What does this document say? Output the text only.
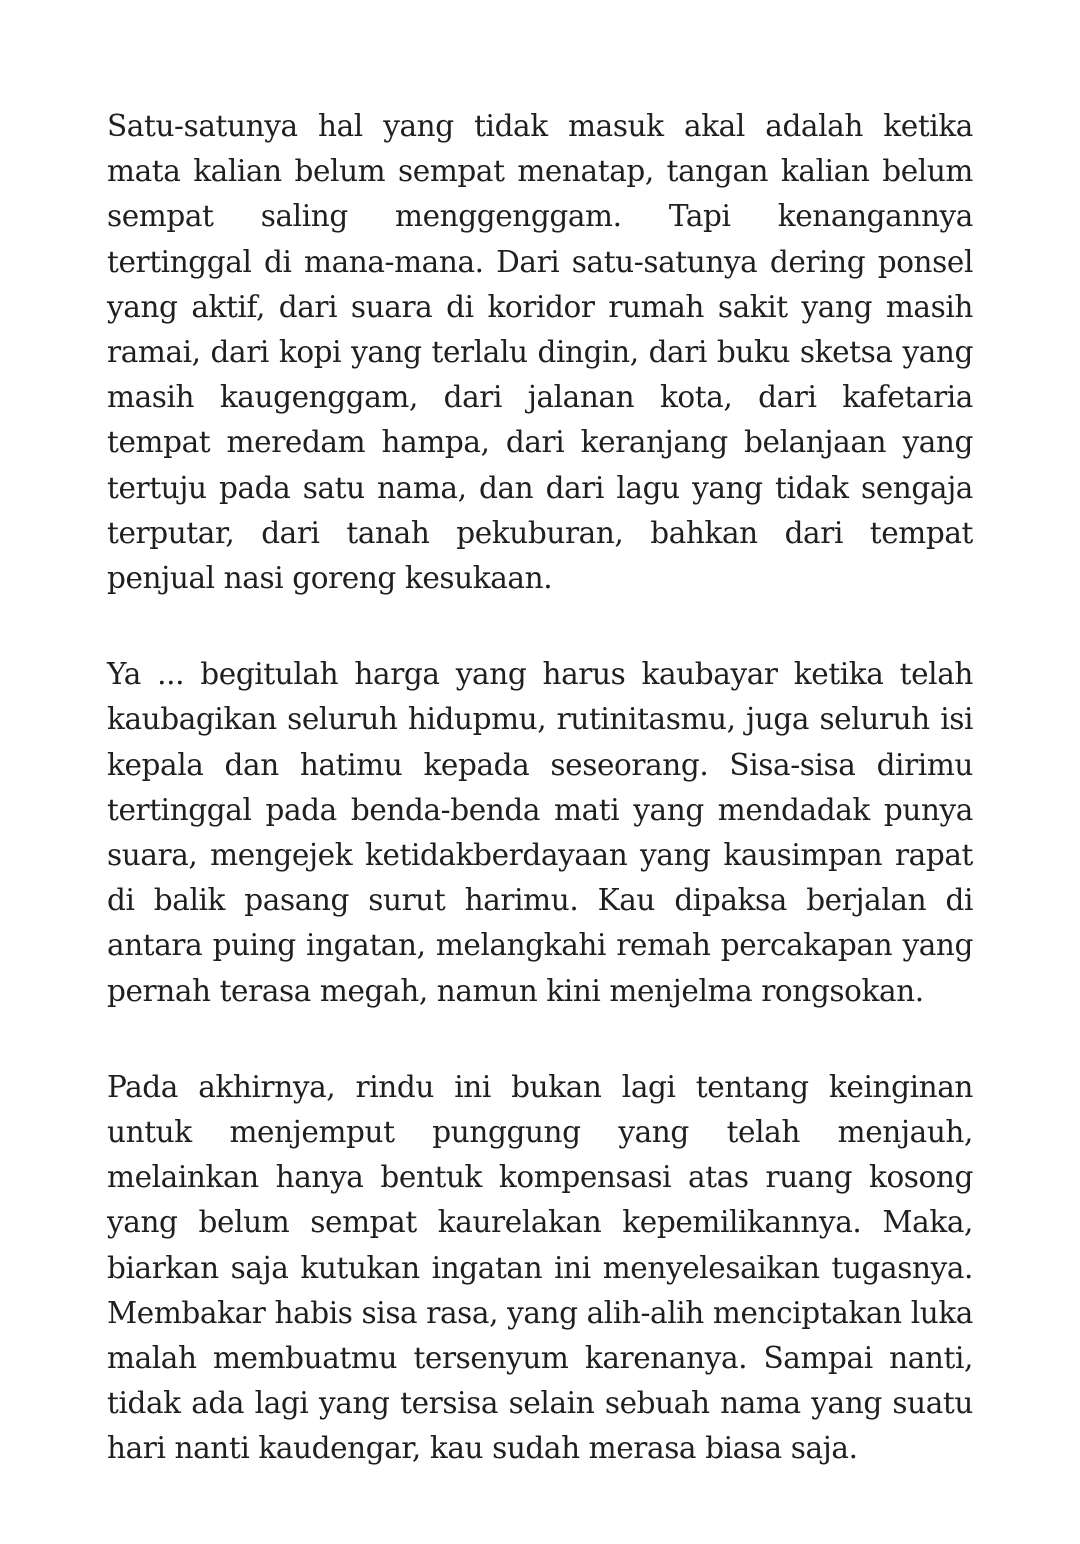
Satu-satunya hal yang tidak masuk akal adalah ketika mata kalian belum sempat menatap, tangan kalian belum sempat saling menggenggam. Tapi kenangannya tertinggal di mana-mana. Dari satu-satunya dering ponsel yang aktif, dari suara di koridor rumah sakit yang masih ramai, dari kopi yang terlalu dingin, dari buku sketsa yang masih kaugenggam, dari jalanan kota, dari kafetaria tempat meredam hampa, dari keranjang belanjaan yang tertuju pada satu nama, dan dari lagu yang tidak sengaja terputar, dari tanah pekuburan, bahkan dari tempat penjual nasi goreng kesukaan.

Ya ... begitulah harga yang harus kaubayar ketika telah kaubagikan seluruh hidupmu, rutinitasmu, juga seluruh isi kepala dan hatimu kepada seseorang. Sisa-sisa dirimu tertinggal pada benda-benda mati yang mendadak punya suara, mengejek ketidakberdayaan yang kausimpan rapat di balik pasang surut harimu. Kau dipaksa berjalan di antara puing ingatan, melangkahi remah percakapan yang pernah terasa megah, namun kini menjelma rongsokan.

Pada akhirnya, rindu ini bukan lagi tentang keinginan untuk menjemput punggung yang telah menjauh, melainkan hanya bentuk kompensasi atas ruang kosong yang belum sempat kaurelakan kepemilikannya. Maka, biarkan saja kutukan ingatan ini menyelesaikan tugasnya. Membakar habis sisa rasa, yang alih-alih menciptakan luka malah membuatmu tersenyum karenanya. Sampai nanti, tidak ada lagi yang tersisa selain sebuah nama yang suatu hari nanti kaudengar, kau sudah merasa biasa saja.
